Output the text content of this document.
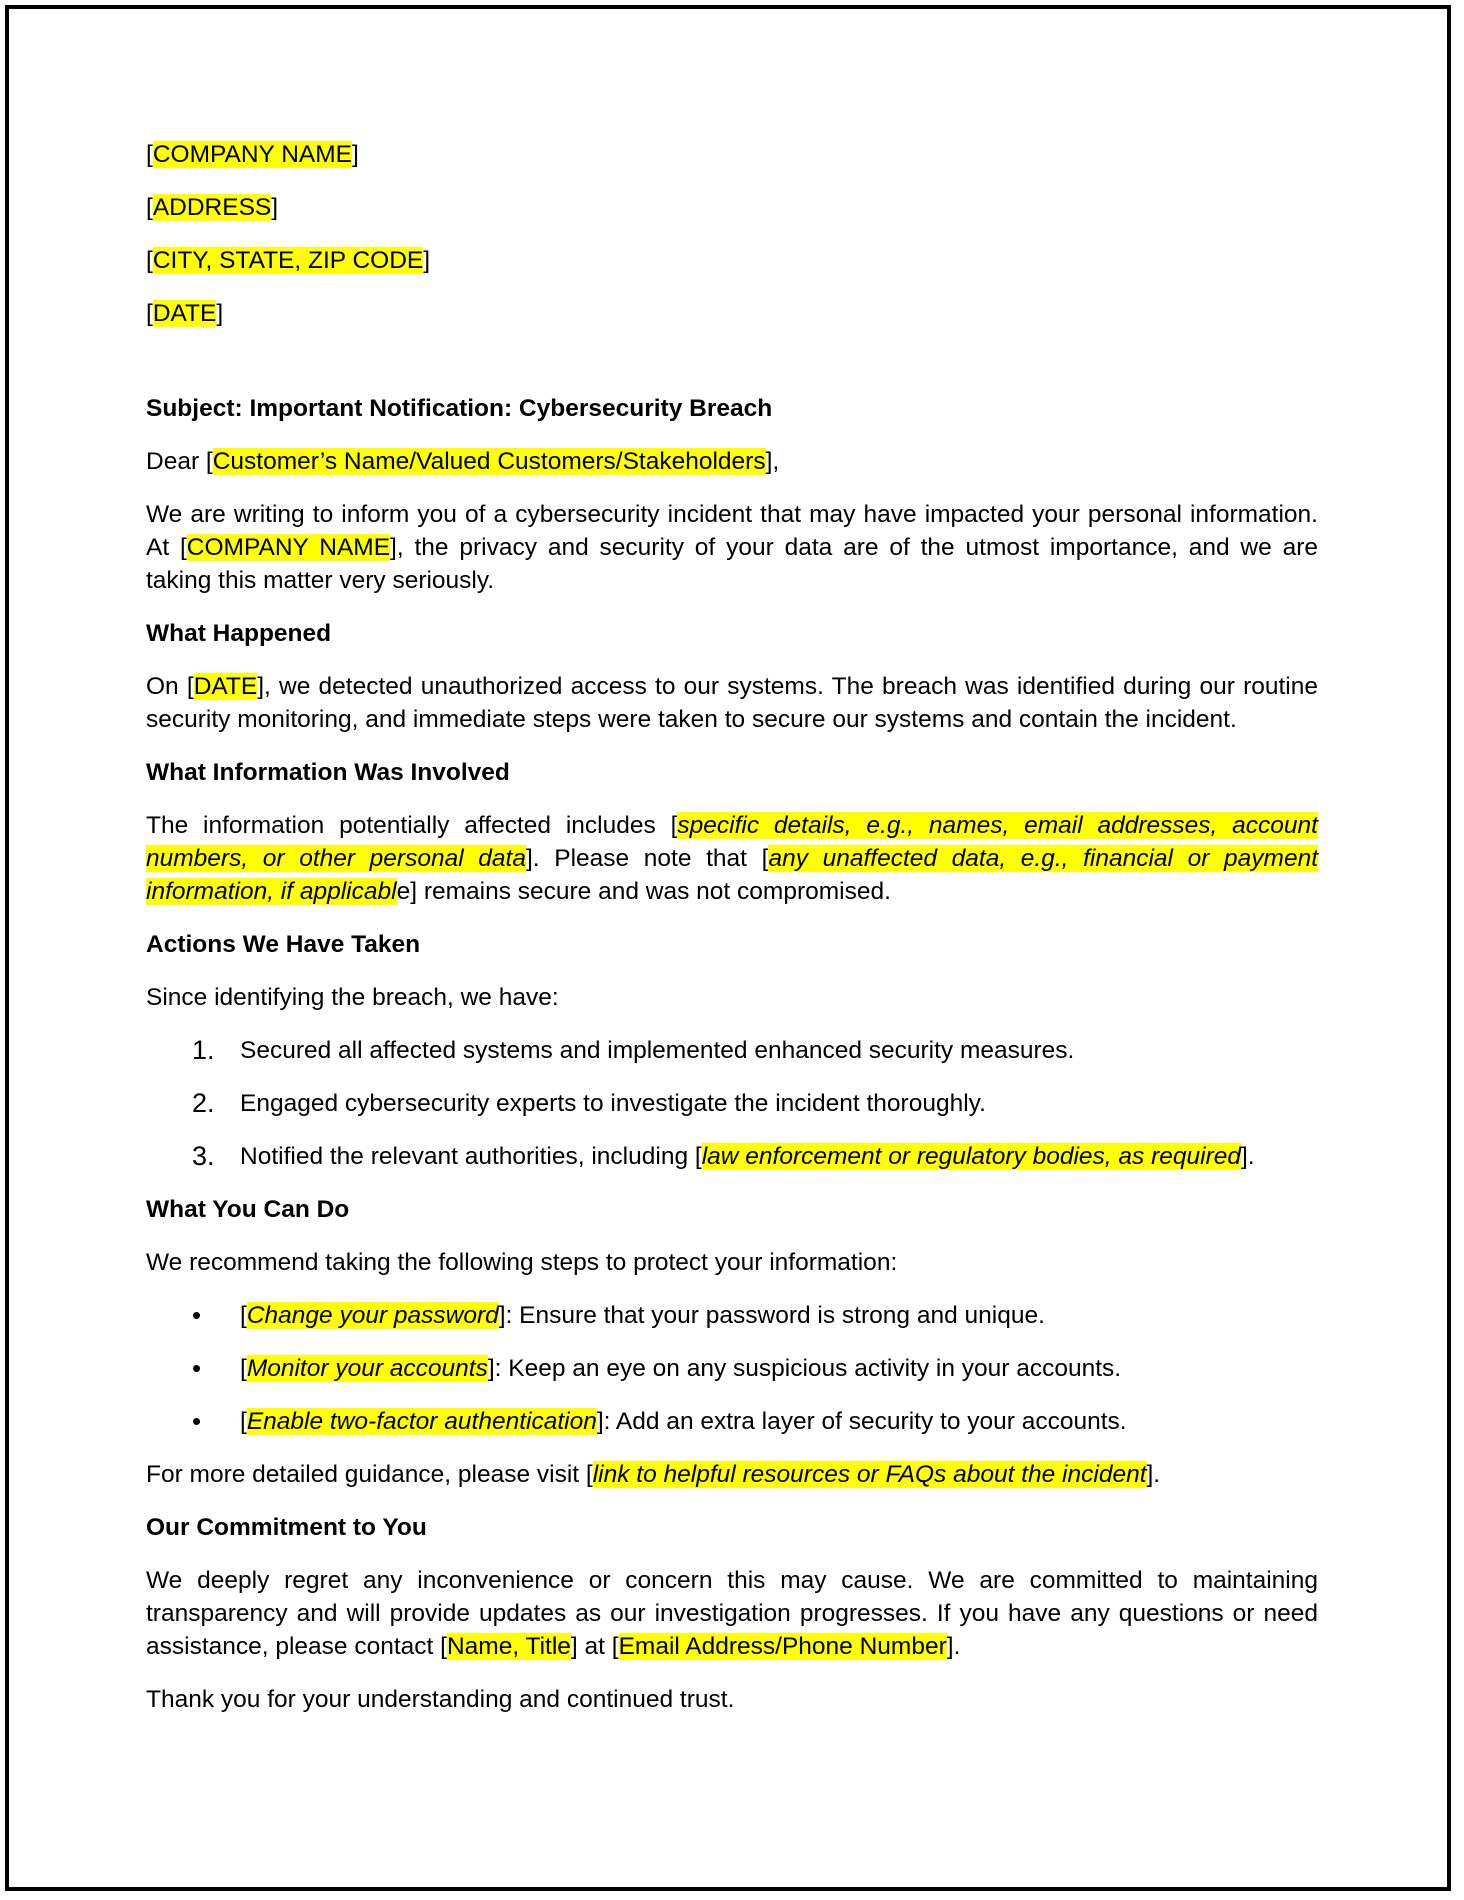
[COMPANY NAME]

[ADDRESS]

[CITY, STATE, ZIP CODE]

[DATE]

Subject: Important Notification: Cybersecurity Breach

Dear [Customer’s Name/Valued Customers/Stakeholders],

We are writing to inform you of a cybersecurity incident that may have impacted your personal information. At [COMPANY NAME], the privacy and security of your data are of the utmost importance, and we are taking this matter very seriously.

What Happened

On [DATE], we detected unauthorized access to our systems. The breach was identified during our routine security monitoring, and immediate steps were taken to secure our systems and contain the incident.

What Information Was Involved

The information potentially affected includes [specific details, e.g., names, email addresses, account numbers, or other personal data]. Please note that [any unaffected data, e.g., financial or payment information, if applicable] remains secure and was not compromised.

Actions We Have Taken

Since identifying the breach, we have:

1. Secured all affected systems and implemented enhanced security measures.
2. Engaged cybersecurity experts to investigate the incident thoroughly.
3. Notified the relevant authorities, including [law enforcement or regulatory bodies, as required].

What You Can Do

We recommend taking the following steps to protect your information:

• [Change your password]: Ensure that your password is strong and unique.
• [Monitor your accounts]: Keep an eye on any suspicious activity in your accounts.
• [Enable two-factor authentication]: Add an extra layer of security to your accounts.

For more detailed guidance, please visit [link to helpful resources or FAQs about the incident].

Our Commitment to You

We deeply regret any inconvenience or concern this may cause. We are committed to maintaining transparency and will provide updates as our investigation progresses. If you have any questions or need assistance, please contact [Name, Title] at [Email Address/Phone Number].

Thank you for your understanding and continued trust.
